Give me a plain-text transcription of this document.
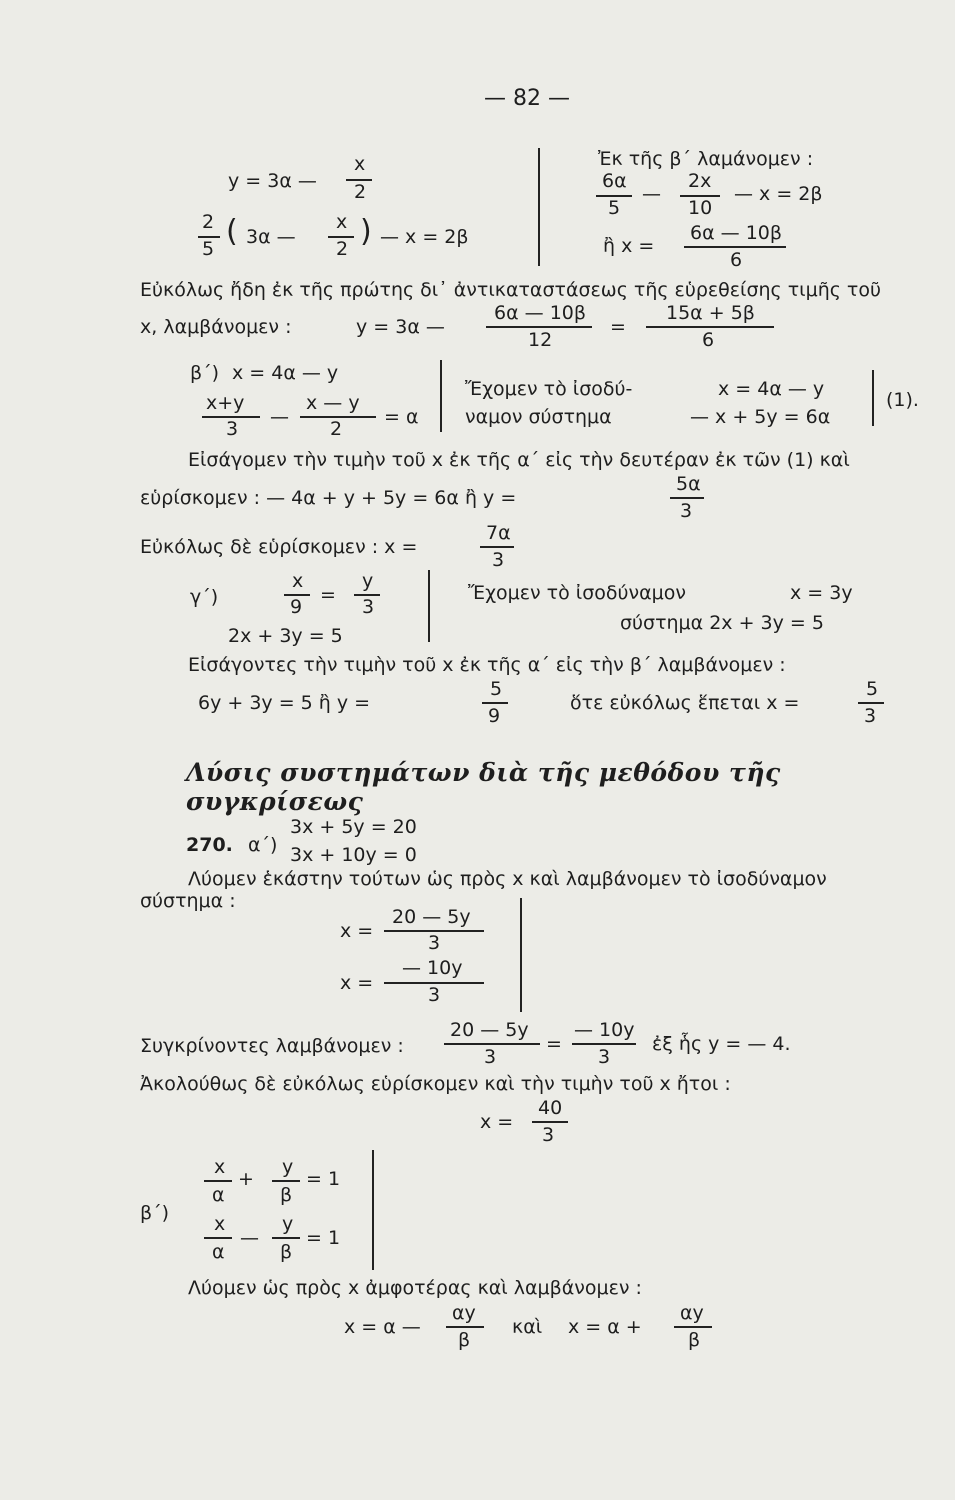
— 82 —
y = 3α —
x
2
2
5 ( 3α —
x
2 ) — x = 2β
Ἐκ τῆς β΄ λαμάνομεν :
6α
5
—
2x
10
— x = 2β
ἢ x =
6α — 10β
6
Εὐκόλως ἤδη ἐκ τῆς πρώτης δι᾽ ἀντικαταστάσεως τῆς εὑρεθείσης τιμῆς τοῦ
x, λαμβάνομεν :	y = 3α —
6α — 10β
12
=
15α + 5β
6
β΄) x = 4α — y
x+y
3
—
x — y
2
= α
Ἔχομεν τὸ ἰσοδύ-
ναμον σύστημα
x = 4α — y
— x + 5y = 6α
(1).
Εἰσάγομεν τὴν τιμὴν τοῦ x ἐκ τῆς α΄ εἰς τὴν δευτέραν ἐκ τῶν (1) καὶ
εὑρίσκομεν : — 4α + y + 5y = 6α ἢ y =
5α
3
Εὐκόλως δὲ εὑρίσκομεν : x =
7α
3
γ΄)
x
9
=
y
3
2x + 3y = 5
Ἔχομεν τὸ ἰσοδύναμον	x = 3y
σύστημα 2x + 3y = 5
Εἰσάγοντες τὴν τιμὴν τοῦ x ἐκ τῆς α΄ εἰς τὴν β΄ λαμβάνομεν :
6y + 3y = 5 ἢ y =
5
9
ὅτε εὐκόλως ἕπεται x =
5
3
Λύσις συστημάτων διὰ τῆς μεθόδου τῆς συγκρίσεως
270. α΄)
3x + 5y = 20
3x + 10y = 0
Λύομεν ἑκάστην τούτων ὡς πρὸς x καὶ λαμβάνομεν τὸ ἰσοδύναμον
σύστημα :
x =
20 — 5y
3
x =
— 10y
3
Συγκρίνοντες λαμβάνομεν :
20 — 5y
3
=
— 10y
3
ἐξ ἧς y = — 4.
Ἀκολούθως δὲ εὐκόλως εὑρίσκομεν καὶ τὴν τιμὴν τοῦ x ἤτοι :
x =
40
3
β΄)
x
α
+
y
β
= 1
x
α
—
y
β
= 1
Λύομεν ὡς πρὸς x ἀμφοτέρας καὶ λαμβάνομεν :
x = α —
αy
β
καὶ x = α +
αy
β
